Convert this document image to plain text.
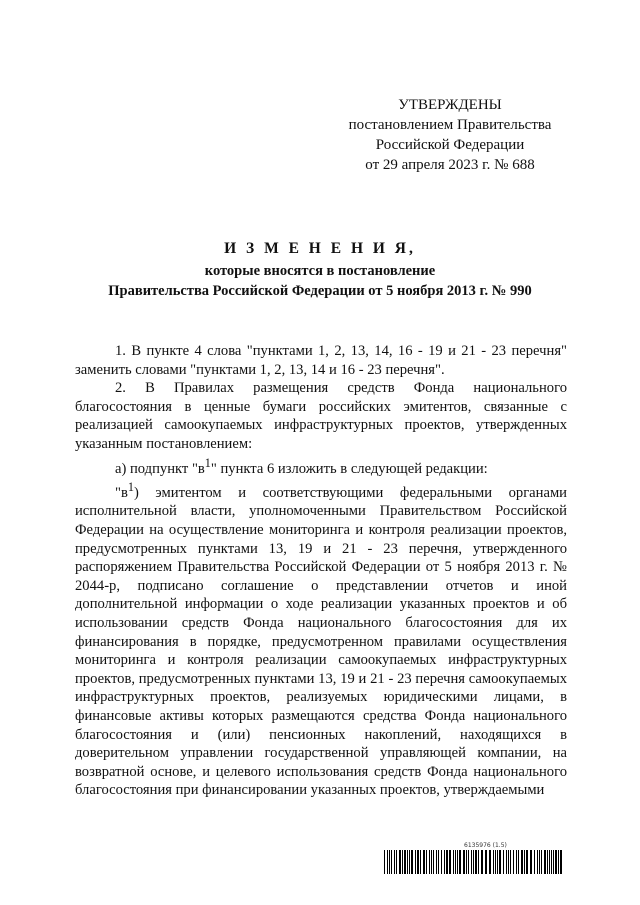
УТВЕРЖДЕНЫ
постановлением Правительства
Российской Федерации
от 29 апреля 2023 г. № 688
И З М Е Н Е Н И Я,
которые вносятся в постановление
Правительства Российской Федерации от 5 ноября 2013 г. № 990

1. В пункте 4 слова "пунктами 1, 2, 13, 14, 16 - 19 и 21 - 23 перечня" заменить словами "пунктами 1, 2, 13, 14 и 16 - 23 перечня".

2. В Правилах размещения средств Фонда национального благосостояния в ценные бумаги российских эмитентов, связанные с реализацией самоокупаемых инфраструктурных проектов, утвержденных указанным постановлением:

а) подпункт "$в^1$" пункта 6 изложить в следующей редакции:

"$в^1$) эмитентом и соответствующими федеральными органами исполнительной власти, уполномоченными Правительством Российской Федерации на осуществление мониторинга и контроля реализации проектов, предусмотренных пунктами 13, 19 и 21 - 23 перечня, утвержденного распоряжением Правительства Российской Федерации от 5 ноября 2013 г. № 2044-р, подписано соглашение о представлении отчетов и иной дополнительной информации о ходе реализации указанных проектов и об использовании средств Фонда национального благосостояния для их финансирования в порядке, предусмотренном правилами осуществления мониторинга и контроля реализации самоокупаемых инфраструктурных проектов, предусмотренных пунктами 13, 19 и 21 - 23 перечня самоокупаемых инфраструктурных проектов, реализуемых юридическими лицами, в финансовые активы которых размещаются средства Фонда национального благосостояния и (или) пенсионных накоплений, находящихся в доверительном управлении государственной управляющей компании, на возвратной основе, и целевого использования средств Фонда национального благосостояния при финансировании указанных проектов, утверждаемыми

6135976 (1.5)
